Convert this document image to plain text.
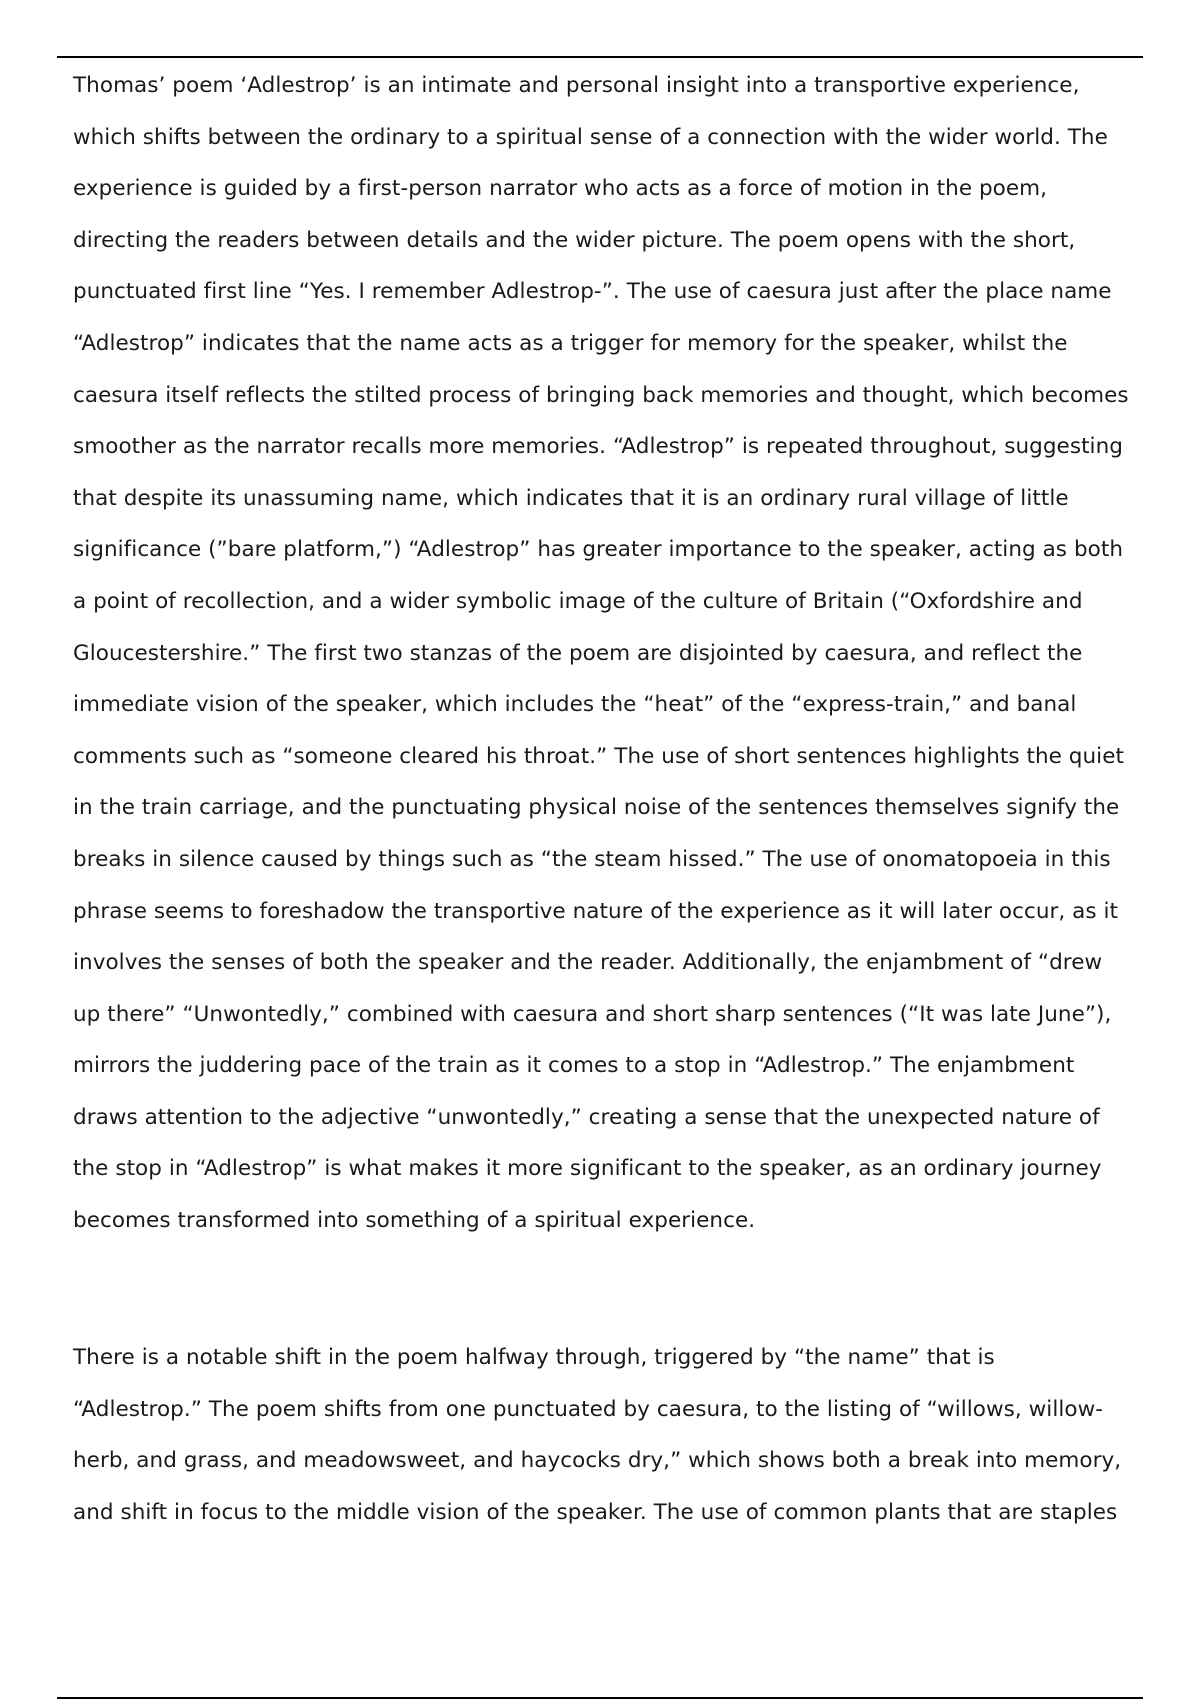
Thomas’ poem ‘Adlestrop’ is an intimate and personal insight into a transportive experience,
which shifts between the ordinary to a spiritual sense of a connection with the wider world. The
experience is guided by a first-person narrator who acts as a force of motion in the poem,
directing the readers between details and the wider picture. The poem opens with the short,
punctuated first line “Yes. I remember Adlestrop-”. The use of caesura just after the place name
“Adlestrop” indicates that the name acts as a trigger for memory for the speaker, whilst the
caesura itself reflects the stilted process of bringing back memories and thought, which becomes
smoother as the narrator recalls more memories. “Adlestrop” is repeated throughout, suggesting
that despite its unassuming name, which indicates that it is an ordinary rural village of little
significance (”bare platform,”) “Adlestrop” has greater importance to the speaker, acting as both
a point of recollection, and a wider symbolic image of the culture of Britain (“Oxfordshire and
Gloucestershire.” The first two stanzas of the poem are disjointed by caesura, and reflect the
immediate vision of the speaker, which includes the “heat” of the “express-train,” and banal
comments such as “someone cleared his throat.” The use of short sentences highlights the quiet
in the train carriage, and the punctuating physical noise of the sentences themselves signify the
breaks in silence caused by things such as “the steam hissed.” The use of onomatopoeia in this
phrase seems to foreshadow the transportive nature of the experience as it will later occur, as it
involves the senses of both the speaker and the reader. Additionally, the enjambment of “drew
up there” “Unwontedly,” combined with caesura and short sharp sentences (“It was late June”),
mirrors the juddering pace of the train as it comes to a stop in “Adlestrop.” The enjambment
draws attention to the adjective “unwontedly,” creating a sense that the unexpected nature of
the stop in “Adlestrop” is what makes it more significant to the speaker, as an ordinary journey
becomes transformed into something of a spiritual experience.
There is a notable shift in the poem halfway through, triggered by “the name” that is
“Adlestrop.” The poem shifts from one punctuated by caesura, to the listing of “willows, willow-
herb, and grass, and meadowsweet, and haycocks dry,” which shows both a break into memory,
and shift in focus to the middle vision of the speaker. The use of common plants that are staples
